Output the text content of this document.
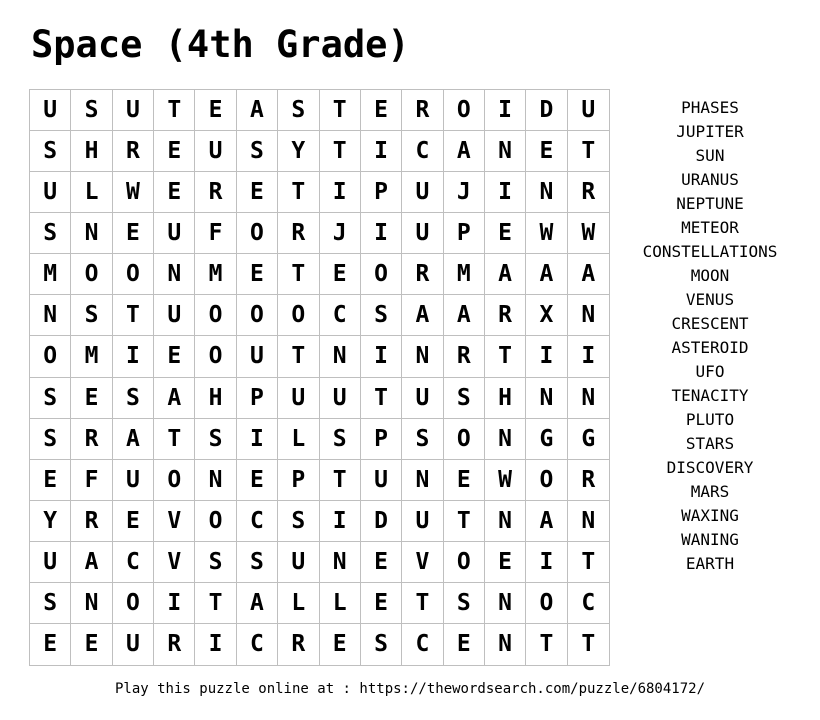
Space (4th Grade)
U	S	U	T	E	A	S	T	E	R	O	I	D	U
S	H	R	E	U	S	Y	T	I	C	A	N	E	T
U	L	W	E	R	E	T	I	P	U	J	I	N	R
S	N	E	U	F	O	R	J	I	U	P	E	W	W
M	O	O	N	M	E	T	E	O	R	M	A	A	A
N	S	T	U	O	O	O	C	S	A	A	R	X	N
O	M	I	E	O	U	T	N	I	N	R	T	I	I
S	E	S	A	H	P	U	U	T	U	S	H	N	N
S	R	A	T	S	I	L	S	P	S	O	N	G	G
E	F	U	O	N	E	P	T	U	N	E	W	O	R
Y	R	E	V	O	C	S	I	D	U	T	N	A	N
U	A	C	V	S	S	U	N	E	V	O	E	I	T
S	N	O	I	T	A	L	L	E	T	S	N	O	C
E	E	U	R	I	C	R	E	S	C	E	N	T	T
PHASES
JUPITER
SUN
URANUS
NEPTUNE
METEOR
CONSTELLATIONS
MOON
VENUS
CRESCENT
ASTEROID
UFO
TENACITY
PLUTO
STARS
DISCOVERY
MARS
WAXING
WANING
EARTH
Play this puzzle online at : https://thewordsearch.com/puzzle/6804172/
